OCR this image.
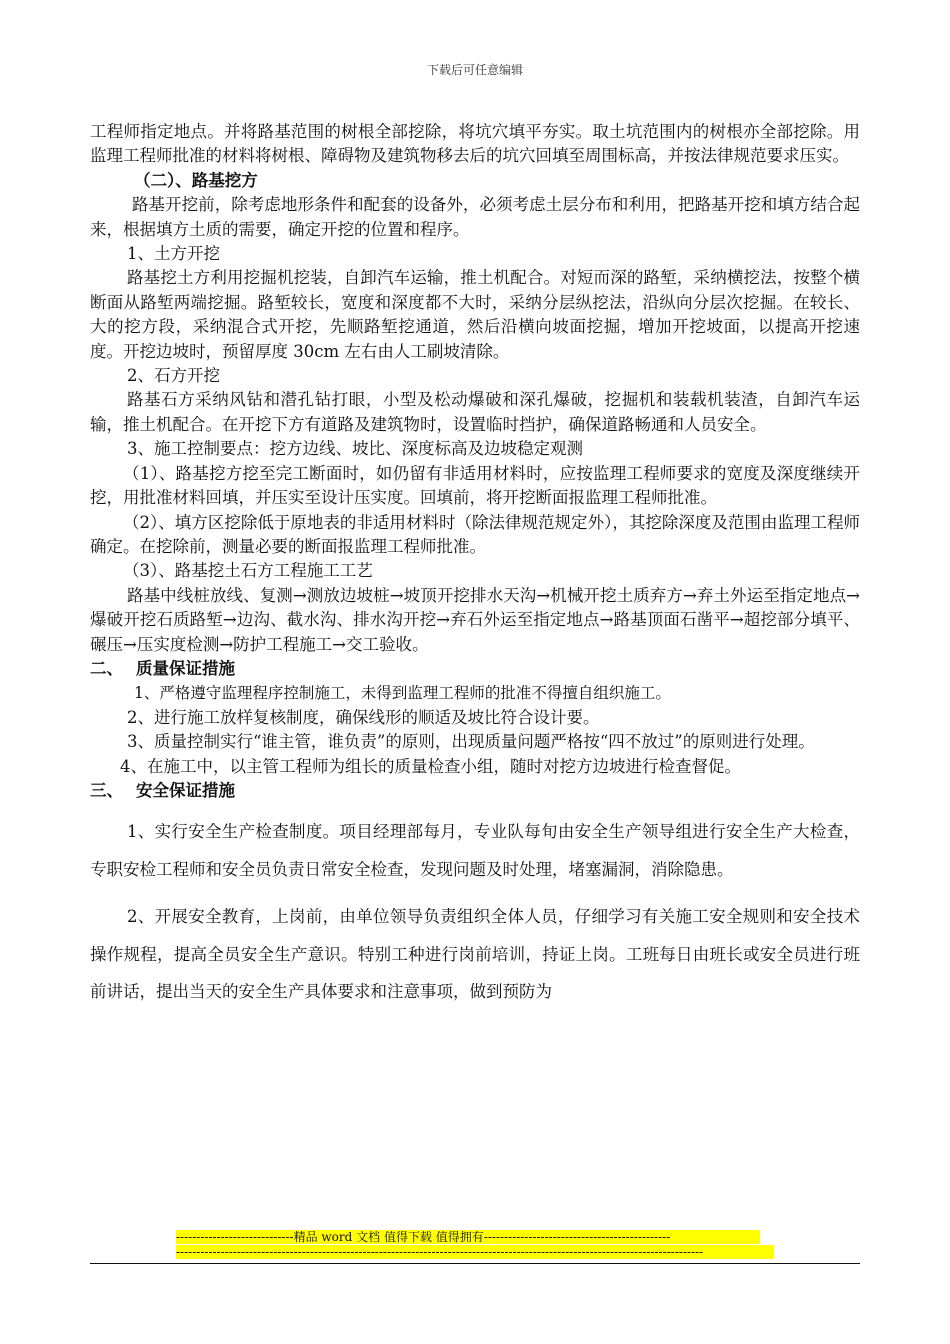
下载后可任意编辑

工程师指定地点。并将路基范围的树根全部挖除，将坑穴填平夯实。取土坑范围内的树根亦全部挖除。用监理工程师批准的材料将树根、障碍物及建筑物移去后的坑穴回填至周围标高，并按法律规范要求压实。

（二）、路基挖方

路基开挖前，除考虑地形条件和配套的设备外，必须考虑土层分布和利用，把路基开挖和填方结合起来，根据填方土质的需要，确定开挖的位置和程序。

1、土方开挖

路基挖土方利用挖掘机挖装，自卸汽车运输，推土机配合。对短而深的路堑，采纳横挖法，按整个横断面从路堑两端挖掘。路堑较长，宽度和深度都不大时，采纳分层纵挖法，沿纵向分层次挖掘。在较长、大的挖方段，采纳混合式开挖，先顺路堑挖通道，然后沿横向坡面挖掘，增加开挖坡面，以提高开挖速度。开挖边坡时，预留厚度 30cm 左右由人工刷坡清除。

2、石方开挖

路基石方采纳风钻和潜孔钻打眼，小型及松动爆破和深孔爆破，挖掘机和装载机装渣，自卸汽车运输，推土机配合。在开挖下方有道路及建筑物时，设置临时挡护，确保道路畅通和人员安全。

3、施工控制要点：挖方边线、坡比、深度标高及边坡稳定观测

（1）、路基挖方挖至完工断面时，如仍留有非适用材料时，应按监理工程师要求的宽度及深度继续开挖，用批准材料回填，并压实至设计压实度。回填前，将开挖断面报监理工程师批准。

（2）、填方区挖除低于原地表的非适用材料时（除法律规范规定外），其挖除深度及范围由监理工程师确定。在挖除前，测量必要的断面报监理工程师批准。

（3）、路基挖土石方工程施工工艺

路基中线桩放线、复测→测放边坡桩→坡顶开挖排水天沟→机械开挖土质弃方→弃土外运至指定地点→爆破开挖石质路堑→边沟、截水沟、排水沟开挖→弃石外运至指定地点→路基顶面石凿平→超挖部分填平、碾压→压实度检测→防护工程施工→交工验收。

二、 质量保证措施

1、严格遵守监理程序控制施工，未得到监理工程师的批准不得擅自组织施工。

2、进行施工放样复核制度，确保线形的顺适及坡比符合设计要。

3、质量控制实行“谁主管，谁负责”的原则，出现质量问题严格按“四不放过”的原则进行处理。

4、在施工中，以主管工程师为组长的质量检查小组，随时对挖方边坡进行检查督促。

三、 安全保证措施

1、实行安全生产检查制度。项目经理部每月，专业队每旬由安全生产领导组进行安全生产大检查，专职安检工程师和安全员负责日常安全检查，发现问题及时处理，堵塞漏洞，消除隐患。

2、开展安全教育，上岗前，由单位领导负责组织全体人员，仔细学习有关施工安全规则和安全技术操作规程，提高全员安全生产意识。特别工种进行岗前培训，持证上岗。工班每日由班长或安全员进行班前讲话，提出当天的安全生产具体要求和注意事项，做到预防为

-----------------------------精品 word 文档 值得下载 值得拥有----------------------------------------------
----------------------------------------------------------------------------------------------------------------------------------
